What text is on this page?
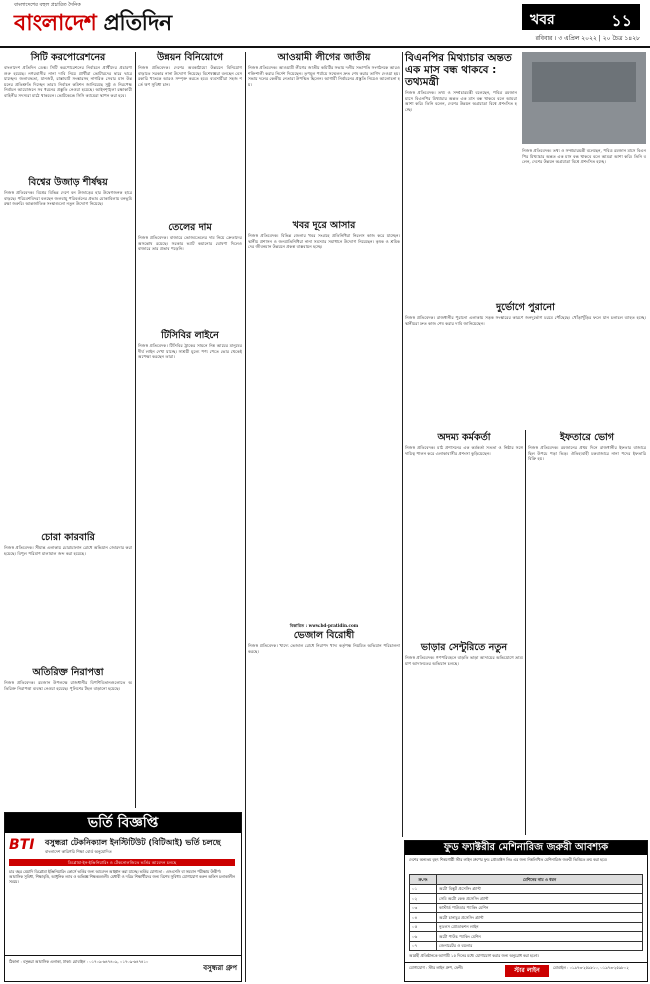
বাংলাদেশের বহুল প্রচারিত দৈনিক
বাংলাদেশ প্রতিদিন	খবর	১১
রবিবার । ৩ এপ্রিল ২০২২ | ২০ চৈত্র ১৪২৮
সিটি করপোরেশনের
বাংলাদেশ প্রতিদিন ডেস্ক। সিটি করপোরেশনের নির্বাচনে প্রার্থীদের প্রচারণা শুরু হয়েছে। নগরবাসীর নানা দাবি নিয়ে প্রার্থীরা ভোটারদের দ্বারে দ্বারে যাচ্ছেন। জলাবদ্ধতা, যানজট, রাস্তাঘাট সংস্কারসহ নাগরিক সেবার মান উন্নয়নের প্রতিশ্রুতি দিচ্ছেন তারা। নির্বাচন কমিশন জানিয়েছে সুষ্ঠু ও নিরপেক্ষ নির্বাচন আয়োজনে সব ধরনের প্রস্তুতি নেওয়া হয়েছে। আইনশৃঙ্খলা রক্ষাকারী বাহিনীর সদস্যরা মাঠে থাকবেন। ভোটকেন্দ্রে সিসি ক্যামেরা স্থাপন করা হবে।
বিশ্বের উজাড় শীর্ষদ্বয়
নিজস্ব প্রতিবেদক। বিশ্বের বিভিন্ন দেশে বন উজাড়ের হার উদ্বেগজনক হারে বাড়ছে। পরিবেশবিদরা বলছেন জলবায়ু পরিবর্তনের প্রভাব মোকাবিলায় বনভূমি রক্ষা জরুরি। আন্তর্জাতিক সংস্থাগুলো নতুন উদ্যোগ নিয়েছে।
চোরা কারবারি
নিজস্ব প্রতিবেদক। সীমান্ত এলাকায় চোরাচালান রোধে অভিযান জোরদার করা হয়েছে। বিপুল পরিমাণ মালামাল জব্দ করা হয়েছে।
অতিরিক্ত নিরাপত্তা
নিজস্ব প্রতিবেদক। রমজান উপলক্ষে রাজধানীর বিপণিবিতানগুলোতে অতিরিক্ত নিরাপত্তা ব্যবস্থা নেওয়া হয়েছে। পুলিশের টহল বাড়ানো হয়েছে।
উন্নয়ন বিনিয়োগে
নিজস্ব প্রতিবেদক। দেশের অবকাঠামো উন্নয়নে বিনিয়োগ বাড়াতে সরকার নানা উদ্যোগ নিয়েছে। বিশেষজ্ঞরা বলছেন বেসরকারি খাতকে আরও সম্পৃক্ত করতে হবে। ব্যবসায়ীরা সহজ শর্তে ঋণ সুবিধা চান।
তেলের দাম
নিজস্ব প্রতিবেদক। বাজারে ভোজ্যতেলের দাম নিয়ে ক্রেতাদের অসন্তোষ রয়েছে। সরকার ভ্যাট কমানোর ঘোষণা দিলেও বাজারে তার প্রভাব পড়েনি।
টিসিবির লাইনে
নিজস্ব প্রতিবেদক। টিসিবির ট্রাকের সামনে নিম্ন আয়ের মানুষের দীর্ঘ লাইন দেখা যাচ্ছে। সাশ্রয়ী মূল্যে পণ্য পেতে ভোর থেকেই অপেক্ষা করছেন তারা।
আওয়ামী লীগের জাতীয়
নিজস্ব প্রতিবেদক। আওয়ামী লীগের জাতীয় কমিটির সভায় দলীয় সভাপতি সংগঠনকে আরও শক্তিশালী করার নির্দেশ দিয়েছেন। তৃণমূল পর্যায়ে সম্মেলন দ্রুত শেষ করার তাগিদ দেওয়া হয়। সভায় দলের কেন্দ্রীয় নেতারা উপস্থিত ছিলেন। আগামী নির্বাচনের প্রস্তুতি নিয়েও আলোচনা হয়।
খবর দূরে আসার
নিজস্ব প্রতিবেদক। বিভিন্ন জেলার খবর সংগ্রহে প্রতিনিধিরা নিরলস কাজ করে যাচ্ছেন। স্থানীয় প্রশাসন ও জনপ্রতিনিধিরা নানা সমস্যার সমাধানে উদ্যোগ নিয়েছেন। কৃষক ও শ্রমিকদের জীবনমান উন্নয়নে প্রকল্প বাস্তবায়ন হচ্ছে।
বিস্তারিত : www.bd-pratidin.com
ভেজাল বিরোধী
নিজস্ব প্রতিবেদক। খাদ্যে ভেজাল রোধে নিরাপদ খাদ্য কর্তৃপক্ষ নিয়মিত অভিযান পরিচালনা করছে।
বিএনপির মিথ্যাচার অন্তত এক মাস বন্ধ থাকবে : তথ্যমন্ত্রী
নিজস্ব প্রতিবেদক। তথ্য ও সম্প্রচারমন্ত্রী বলেছেন, পবিত্র রমজান মাসে বিএনপির মিথ্যাচার অন্তত এক মাস বন্ধ থাকবে বলে আমরা আশা করি। তিনি বলেন, দেশের উন্নয়ন অগ্রযাত্রা বিশ্বে প্রশংসিত হচ্ছে।
নিজস্ব প্রতিবেদক। তথ্য ও সম্প্রচারমন্ত্রী বলেছেন, পবিত্র রমজান মাসে বিএনপির মিথ্যাচার অন্তত এক মাস বন্ধ থাকবে বলে আমরা আশা করি। তিনি বলেন, দেশের উন্নয়ন অগ্রযাত্রা বিশ্বে প্রশংসিত হচ্ছে।
দুর্ভোগে পুরানো
নিজস্ব প্রতিবেদক। রাজধানীর পুরানো এলাকায় সড়ক সংস্কারের কারণে জনদুর্ভোগ চরমে পৌঁছেছে। খোঁড়াখুঁড়ির ফলে যান চলাচল ব্যাহত হচ্ছে। স্থানীয়রা দ্রুত কাজ শেষ করার দাবি জানিয়েছেন।
অদম্য কর্মকর্তা
নিজস্ব প্রতিবেদক। মাঠ প্রশাসনের এক কর্মকর্তা সততা ও নিষ্ঠার সঙ্গে দায়িত্ব পালন করে এলাকাবাসীর প্রশংসা কুড়িয়েছেন।
ভাড়ার সেন্টুরিতে নতুন
নিজস্ব প্রতিবেদক। গণপরিবহনে বাড়তি ভাড়া আদায়ের অভিযোগে ভ্রাম্যমাণ আদালতের অভিযান চলছে।
ইফতারে ভোগ
নিজস্ব প্রতিবেদক। রমজানের প্রথম দিনে রাজধানীর ইফতার বাজারে ছিল উপচে পড়া ভিড়। ঐতিহ্যবাহী চকবাজারে নানা পদের ইফতারি বিক্রি হয়।
ভর্তি বিজ্ঞপ্তি
BTI বসুন্ধরা টেকনিক্যাল ইনস্টিটিউট (বিটিআই) ভর্তি চলছে
বাংলাদেশ কারিগরি শিক্ষা বোর্ড অনুমোদিত
ডিপ্লোমা-ইন-ইঞ্জিনিয়ারিং ও টেকনোলজিতে ভর্তির আবেদন চলছে
চার বছর মেয়াদি ডিপ্লোমা ইঞ্জিনিয়ারিং কোর্সে ভর্তির জন্য আবেদন আহ্বান করা যাচ্ছে। ভর্তির যোগ্যতা : এসএসসি বা সমমান পরীক্ষায় উত্তীর্ণ। আবাসিক সুবিধা, শিক্ষাবৃত্তি, আধুনিক ল্যাব ও অভিজ্ঞ শিক্ষকমণ্ডলী। মেধাবী ও দরিদ্র শিক্ষার্থীদের জন্য বিশেষ সুবিধা। যোগাযোগ করুন অফিস চলাকালীন সময়ে।
ঠিকানা : বসুন্ধরা আবাসিক এলাকা, ঢাকা। মোবাইল : ০১৭০৯-৬৪৭৪০৯, ০১৭০৯-৬৪৭৪১০
বসুন্ধরা গ্রুপ
ফুড ফ্যাক্টরীর মেশিনারিজ জরুরী আবশ্যক
দেশের অন্যতম বৃহৎ শিল্পগোষ্ঠী স্টার লাইন গ্রুপের ফুড প্রোডাক্টস লিঃ এর জন্য নিম্নলিখিত মেশিনারিজ জরুরী ভিত্তিতে ক্রয় করা হবে।
ক্র.নং	মেশিনের নাম ও ধরন
০১	অটো বিস্কুট প্রসেসিং প্ল্যান্ট
০২	সেমি অটো কেক প্রসেসিং প্ল্যান্ট
০৩	কাস্টার্ড পাউডার প্যাকিং মেশিন
০৪	অটো চানাচুর প্রসেসিং প্ল্যান্ট
০৫	নুডলস প্রোডাকশন লাইন
০৬	অটো পাউচ প্যাকিং মেশিন
০৭	জেনারেটর ও বয়লার
আগ্রহী প্রতিষ্ঠানকে আগামী ১৫ দিনের মধ্যে যোগাযোগ করার জন্য অনুরোধ করা হলো।
যোগাযোগ : স্টার লাইন গ্রুপ, ফেনী।	স্টার লাইন	মোবাইল : ০১৯৭৩-২৫৯৮১০, ০১৯৭৩-২৫৯৮০২
